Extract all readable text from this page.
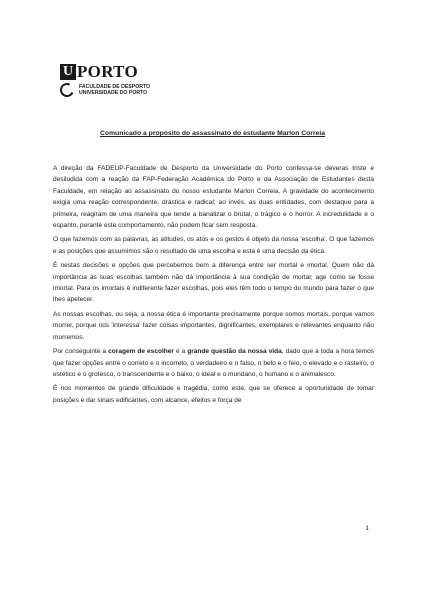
U PORTO
FACULDADE DE DESPORTO
UNIVERSIDADE DO PORTO
Comunicado a propósito do assassinato do estudante Marlon Correia

A direção da FADEUP-Faculdade de Desporto da Universidade do Porto confessa-se deveras triste e desiludida com a reação da FAP-Federação Académica do Porto e da Associação de Estudantes desta Faculdade, em relação ao assassinato do nosso estudante Marlon Correia. A gravidade do acontecimento exigia uma reação correspondente, drástica e radical; ao invés, as duas entidades, com destaque para a primeira, reagiram de uma maneira que tende a banalizar o brutal, o trágico e o horror. A incredulidade e o espanto, perante este comportamento, não podem ficar sem resposta.

O que fazemos com as palavras, as atitudes, os atos e os gestos é objeto da nossa 'escolha'. O que fazemos e as posições que assumimos são o resultado de uma escolha e esta é uma decisão da ética.

É nestas decisões e opções que percebemos bem a diferença entre ser mortal e imortal. Quem não dá importância às suas escolhas também não dá importância à sua condição de mortal; age como se fosse imortal. Para os imortais é indiferente fazer escolhas, pois eles têm todo o tempo do mundo para fazer o que lhes apetecer.

As nossas escolhas, ou seja, a nossa ética é importante precisamente porque somos mortais, porque vamos morrer, porque nos 'interessa' fazer coisas importantes, dignificantes, exemplares e relevantes enquanto não morremos.

Por conseguinte a coragem de escolher é a grande questão da nossa vida, dado que a toda a hora temos que fazer opções entre o correto e o incorreto, o verdadeiro e o falso, o belo e o feio, o elevado e o rasteiro, o estético e o grotesco, o transcendente e o baixo, o ideal e o mundano, o humano e o animalesco.

É nos momentos de grande dificuldade e tragédia, como este, que se oferece a oportunidade de tomar posições e dar sinais edificantes, com alcance, efeitos e força de

1
